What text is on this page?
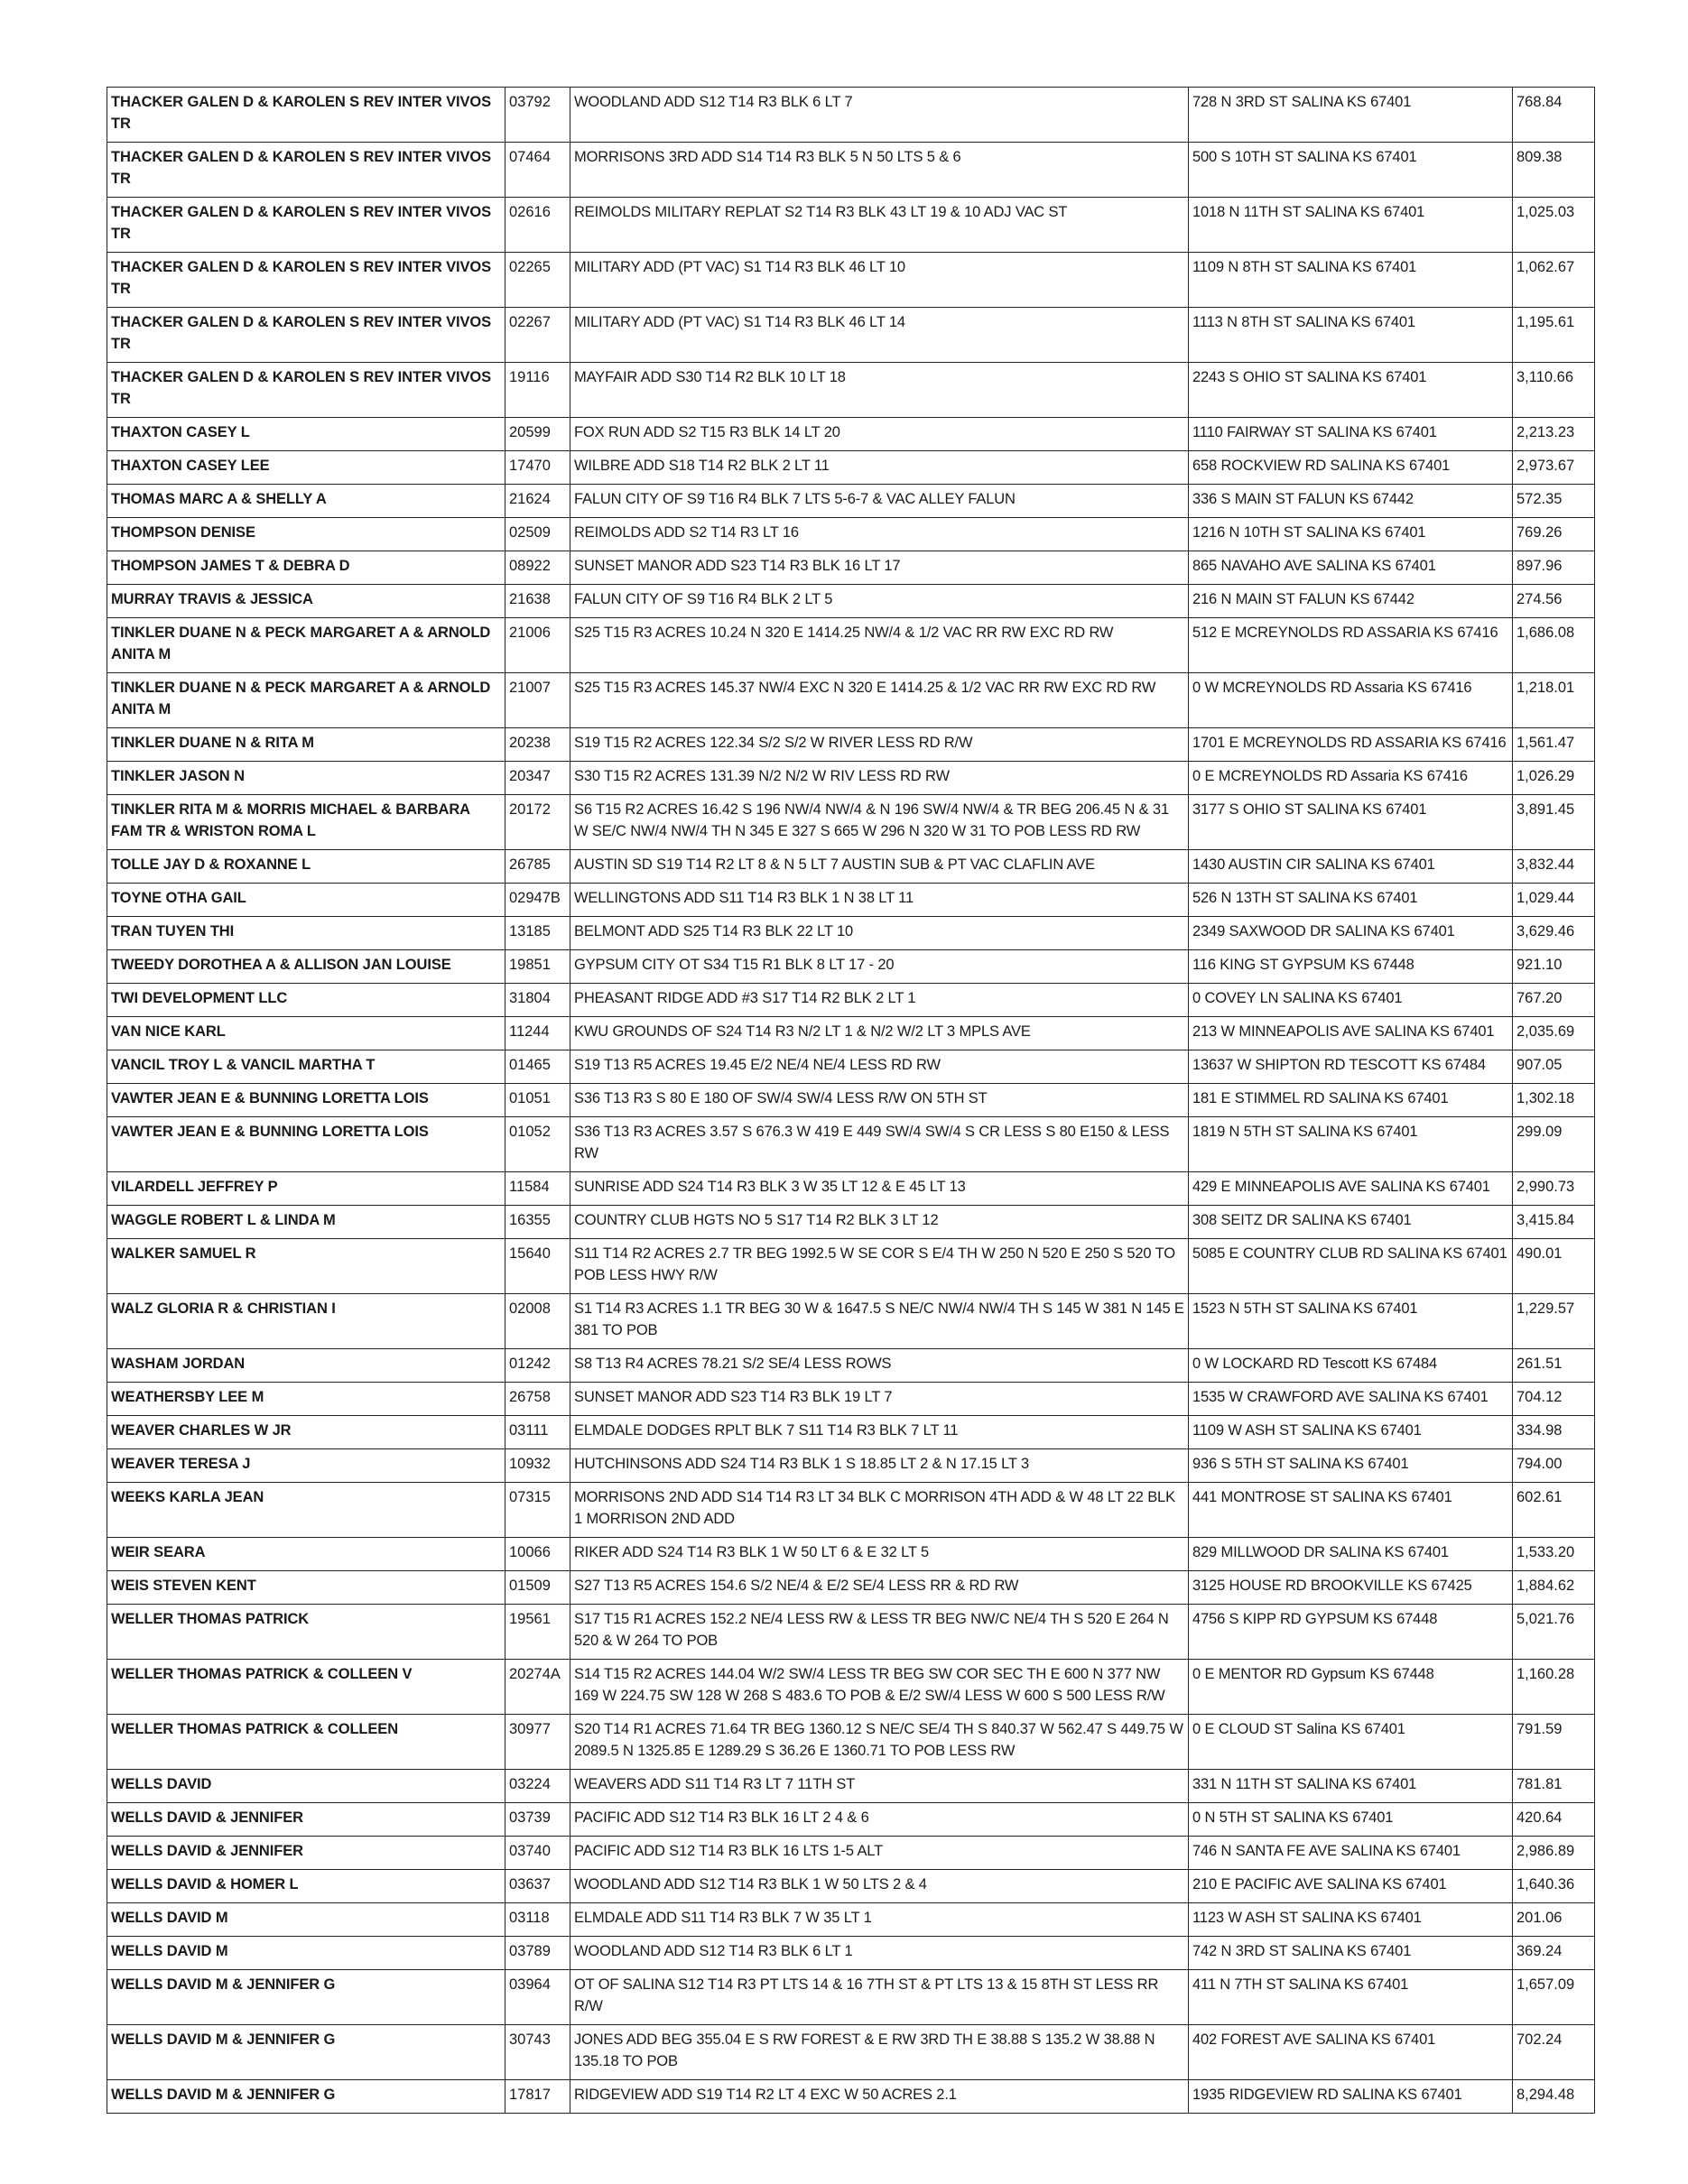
THACKER GALEN D & KAROLEN S REV INTER VIVOS TR	03792	WOODLAND ADD S12 T14 R3 BLK 6 LT 7	728 N 3RD ST SALINA KS 67401	768.84
THACKER GALEN D & KAROLEN S REV INTER VIVOS TR	07464	MORRISONS 3RD ADD S14 T14 R3 BLK 5 N 50 LTS 5 & 6	500 S 10TH ST SALINA KS 67401	809.38
THACKER GALEN D & KAROLEN S REV INTER VIVOS TR	02616	REIMOLDS MILITARY REPLAT S2 T14 R3 BLK 43 LT 19 & 10 ADJ VAC ST	1018 N 11TH ST SALINA KS 67401	1,025.03
THACKER GALEN D & KAROLEN S REV INTER VIVOS TR	02265	MILITARY ADD (PT VAC) S1 T14 R3 BLK 46 LT 10	1109 N 8TH ST SALINA KS 67401	1,062.67
THACKER GALEN D & KAROLEN S REV INTER VIVOS TR	02267	MILITARY ADD (PT VAC) S1 T14 R3 BLK 46 LT 14	1113 N 8TH ST SALINA KS 67401	1,195.61
THACKER GALEN D & KAROLEN S REV INTER VIVOS TR	19116	MAYFAIR ADD S30 T14 R2 BLK 10 LT 18	2243 S OHIO ST SALINA KS 67401	3,110.66
THAXTON CASEY L	20599	FOX RUN ADD S2 T15 R3 BLK 14 LT 20	1110 FAIRWAY ST SALINA KS 67401	2,213.23
THAXTON CASEY LEE	17470	WILBRE ADD S18 T14 R2 BLK 2 LT 11	658 ROCKVIEW RD SALINA KS 67401	2,973.67
THOMAS MARC A & SHELLY A	21624	FALUN CITY OF S9 T16 R4 BLK 7 LTS 5-6-7 & VAC ALLEY FALUN	336 S MAIN ST FALUN KS 67442	572.35
THOMPSON DENISE	02509	REIMOLDS ADD S2 T14 R3 LT 16	1216 N 10TH ST SALINA KS 67401	769.26
THOMPSON JAMES T & DEBRA D	08922	SUNSET MANOR ADD S23 T14 R3 BLK 16 LT 17	865 NAVAHO AVE SALINA KS 67401	897.96
MURRAY TRAVIS & JESSICA	21638	FALUN CITY OF S9 T16 R4 BLK 2 LT 5	216 N MAIN ST FALUN KS 67442	274.56
TINKLER DUANE N & PECK MARGARET A & ARNOLD ANITA M	21006	S25 T15 R3 ACRES 10.24 N 320 E 1414.25 NW/4 & 1/2 VAC RR RW EXC RD RW	512 E MCREYNOLDS RD ASSARIA KS 67416	1,686.08
TINKLER DUANE N & PECK MARGARET A & ARNOLD ANITA M	21007	S25 T15 R3 ACRES 145.37 NW/4 EXC N 320 E 1414.25 & 1/2 VAC RR RW EXC RD RW	0 W MCREYNOLDS RD Assaria KS 67416	1,218.01
TINKLER DUANE N & RITA M	20238	S19 T15 R2 ACRES 122.34 S/2 S/2 W RIVER LESS RD R/W	1701 E MCREYNOLDS RD ASSARIA KS 67416	1,561.47
TINKLER JASON N	20347	S30 T15 R2 ACRES 131.39 N/2 N/2 W RIV LESS RD RW	0 E MCREYNOLDS RD Assaria KS 67416	1,026.29
TINKLER RITA M & MORRIS MICHAEL & BARBARA FAM TR & WRISTON ROMA L	20172	S6 T15 R2 ACRES 16.42 S 196 NW/4 NW/4 & N 196 SW/4 NW/4 & TR BEG 206.45 N & 31 W SE/C NW/4 NW/4 TH N 345 E 327 S 665 W 296 N 320 W 31 TO POB LESS RD RW	3177 S OHIO ST SALINA KS 67401	3,891.45
TOLLE JAY D & ROXANNE L	26785	AUSTIN SD S19 T14 R2 LT 8 & N 5 LT 7 AUSTIN SUB & PT VAC CLAFLIN AVE	1430 AUSTIN CIR SALINA KS 67401	3,832.44
TOYNE OTHA GAIL	02947B	WELLINGTONS ADD S11 T14 R3 BLK 1 N 38 LT 11	526 N 13TH ST SALINA KS 67401	1,029.44
TRAN TUYEN THI	13185	BELMONT ADD S25 T14 R3 BLK 22 LT 10	2349 SAXWOOD DR SALINA KS 67401	3,629.46
TWEEDY DOROTHEA A & ALLISON JAN LOUISE	19851	GYPSUM CITY OT S34 T15 R1 BLK 8 LT 17 - 20	116 KING ST GYPSUM KS 67448	921.10
TWI DEVELOPMENT LLC	31804	PHEASANT RIDGE ADD #3 S17 T14 R2 BLK 2 LT 1	0 COVEY LN SALINA KS 67401	767.20
VAN NICE KARL	11244	KWU GROUNDS OF S24 T14 R3 N/2 LT 1 & N/2 W/2 LT 3 MPLS AVE	213 W MINNEAPOLIS AVE SALINA KS 67401	2,035.69
VANCIL TROY L & VANCIL MARTHA T	01465	S19 T13 R5 ACRES 19.45 E/2 NE/4 NE/4 LESS RD RW	13637 W SHIPTON RD TESCOTT KS 67484	907.05
VAWTER JEAN E & BUNNING LORETTA LOIS	01051	S36 T13 R3 S 80 E 180 OF SW/4 SW/4 LESS R/W ON 5TH ST	181 E STIMMEL RD SALINA KS 67401	1,302.18
VAWTER JEAN E & BUNNING LORETTA LOIS	01052	S36 T13 R3 ACRES 3.57 S 676.3 W 419 E 449 SW/4 SW/4 S CR LESS S 80 E150 & LESS RW	1819 N 5TH ST SALINA KS 67401	299.09
VILARDELL JEFFREY P	11584	SUNRISE ADD S24 T14 R3 BLK 3 W 35 LT 12 & E 45 LT 13	429 E MINNEAPOLIS AVE SALINA KS 67401	2,990.73
WAGGLE ROBERT L & LINDA M	16355	COUNTRY CLUB HGTS NO 5 S17 T14 R2 BLK 3 LT 12	308 SEITZ DR SALINA KS 67401	3,415.84
WALKER SAMUEL R	15640	S11 T14 R2 ACRES 2.7 TR BEG 1992.5 W SE COR S E/4 TH W 250 N 520 E 250 S 520 TO POB LESS HWY R/W	5085 E COUNTRY CLUB RD SALINA KS 67401	490.01
WALZ GLORIA R & CHRISTIAN I	02008	S1 T14 R3 ACRES 1.1 TR BEG 30 W & 1647.5 S NE/C NW/4 NW/4 TH S 145 W 381 N 145 E 381 TO POB	1523 N 5TH ST SALINA KS 67401	1,229.57
WASHAM JORDAN	01242	S8 T13 R4 ACRES 78.21 S/2 SE/4 LESS ROWS	0 W LOCKARD RD Tescott KS 67484	261.51
WEATHERSBY LEE M	26758	SUNSET MANOR ADD S23 T14 R3 BLK 19 LT 7	1535 W CRAWFORD AVE SALINA KS 67401	704.12
WEAVER CHARLES W JR	03111	ELMDALE DODGES RPLT BLK 7 S11 T14 R3 BLK 7 LT 11	1109 W ASH ST SALINA KS 67401	334.98
WEAVER TERESA J	10932	HUTCHINSONS ADD S24 T14 R3 BLK 1 S 18.85 LT 2 & N 17.15 LT 3	936 S 5TH ST SALINA KS 67401	794.00
WEEKS KARLA JEAN	07315	MORRISONS 2ND ADD S14 T14 R3 LT 34 BLK C MORRISON 4TH ADD & W 48 LT 22 BLK 1 MORRISON 2ND ADD	441 MONTROSE ST SALINA KS 67401	602.61
WEIR SEARA	10066	RIKER ADD S24 T14 R3 BLK 1 W 50 LT 6 & E 32 LT 5	829 MILLWOOD DR SALINA KS 67401	1,533.20
WEIS STEVEN KENT	01509	S27 T13 R5 ACRES 154.6 S/2 NE/4 & E/2 SE/4 LESS RR & RD RW	3125 HOUSE RD BROOKVILLE KS 67425	1,884.62
WELLER THOMAS PATRICK	19561	S17 T15 R1 ACRES 152.2 NE/4 LESS RW & LESS TR BEG NW/C NE/4 TH S 520 E 264 N 520 & W 264 TO POB	4756 S KIPP RD GYPSUM KS 67448	5,021.76
WELLER THOMAS PATRICK & COLLEEN V	20274A	S14 T15 R2 ACRES 144.04 W/2 SW/4 LESS TR BEG SW COR SEC TH E 600 N 377 NW 169 W 224.75 SW 128 W 268 S 483.6 TO POB & E/2 SW/4 LESS W 600 S 500 LESS R/W	0 E MENTOR RD Gypsum KS 67448	1,160.28
WELLER THOMAS PATRICK & COLLEEN	30977	S20 T14 R1 ACRES 71.64 TR BEG 1360.12 S NE/C SE/4 TH S 840.37 W 562.47 S 449.75 W 2089.5 N 1325.85 E 1289.29 S 36.26 E 1360.71 TO POB LESS RW	0 E CLOUD ST Salina KS 67401	791.59
WELLS DAVID	03224	WEAVERS ADD S11 T14 R3 LT 7 11TH ST	331 N 11TH ST SALINA KS 67401	781.81
WELLS DAVID & JENNIFER	03739	PACIFIC ADD S12 T14 R3 BLK 16 LT 2 4 & 6	0 N 5TH ST SALINA KS 67401	420.64
WELLS DAVID & JENNIFER	03740	PACIFIC ADD S12 T14 R3 BLK 16 LTS 1-5 ALT	746 N SANTA FE AVE SALINA KS 67401	2,986.89
WELLS DAVID & HOMER L	03637	WOODLAND ADD S12 T14 R3 BLK 1 W 50 LTS 2 & 4	210 E PACIFIC AVE SALINA KS 67401	1,640.36
WELLS DAVID M	03118	ELMDALE ADD S11 T14 R3 BLK 7 W 35 LT 1	1123 W ASH ST SALINA KS 67401	201.06
WELLS DAVID M	03789	WOODLAND ADD S12 T14 R3 BLK 6 LT 1	742 N 3RD ST SALINA KS 67401	369.24
WELLS DAVID M & JENNIFER G	03964	OT OF SALINA S12 T14 R3 PT LTS 14 & 16 7TH ST & PT LTS 13 & 15 8TH ST LESS RR R/W	411 N 7TH ST SALINA KS 67401	1,657.09
WELLS DAVID M & JENNIFER G	30743	JONES ADD BEG 355.04 E S RW FOREST & E RW 3RD TH E 38.88 S 135.2 W 38.88 N 135.18 TO POB	402 FOREST AVE SALINA KS 67401	702.24
WELLS DAVID M & JENNIFER G	17817	RIDGEVIEW ADD S19 T14 R2 LT 4 EXC W 50 ACRES 2.1	1935 RIDGEVIEW RD SALINA KS 67401	8,294.48
